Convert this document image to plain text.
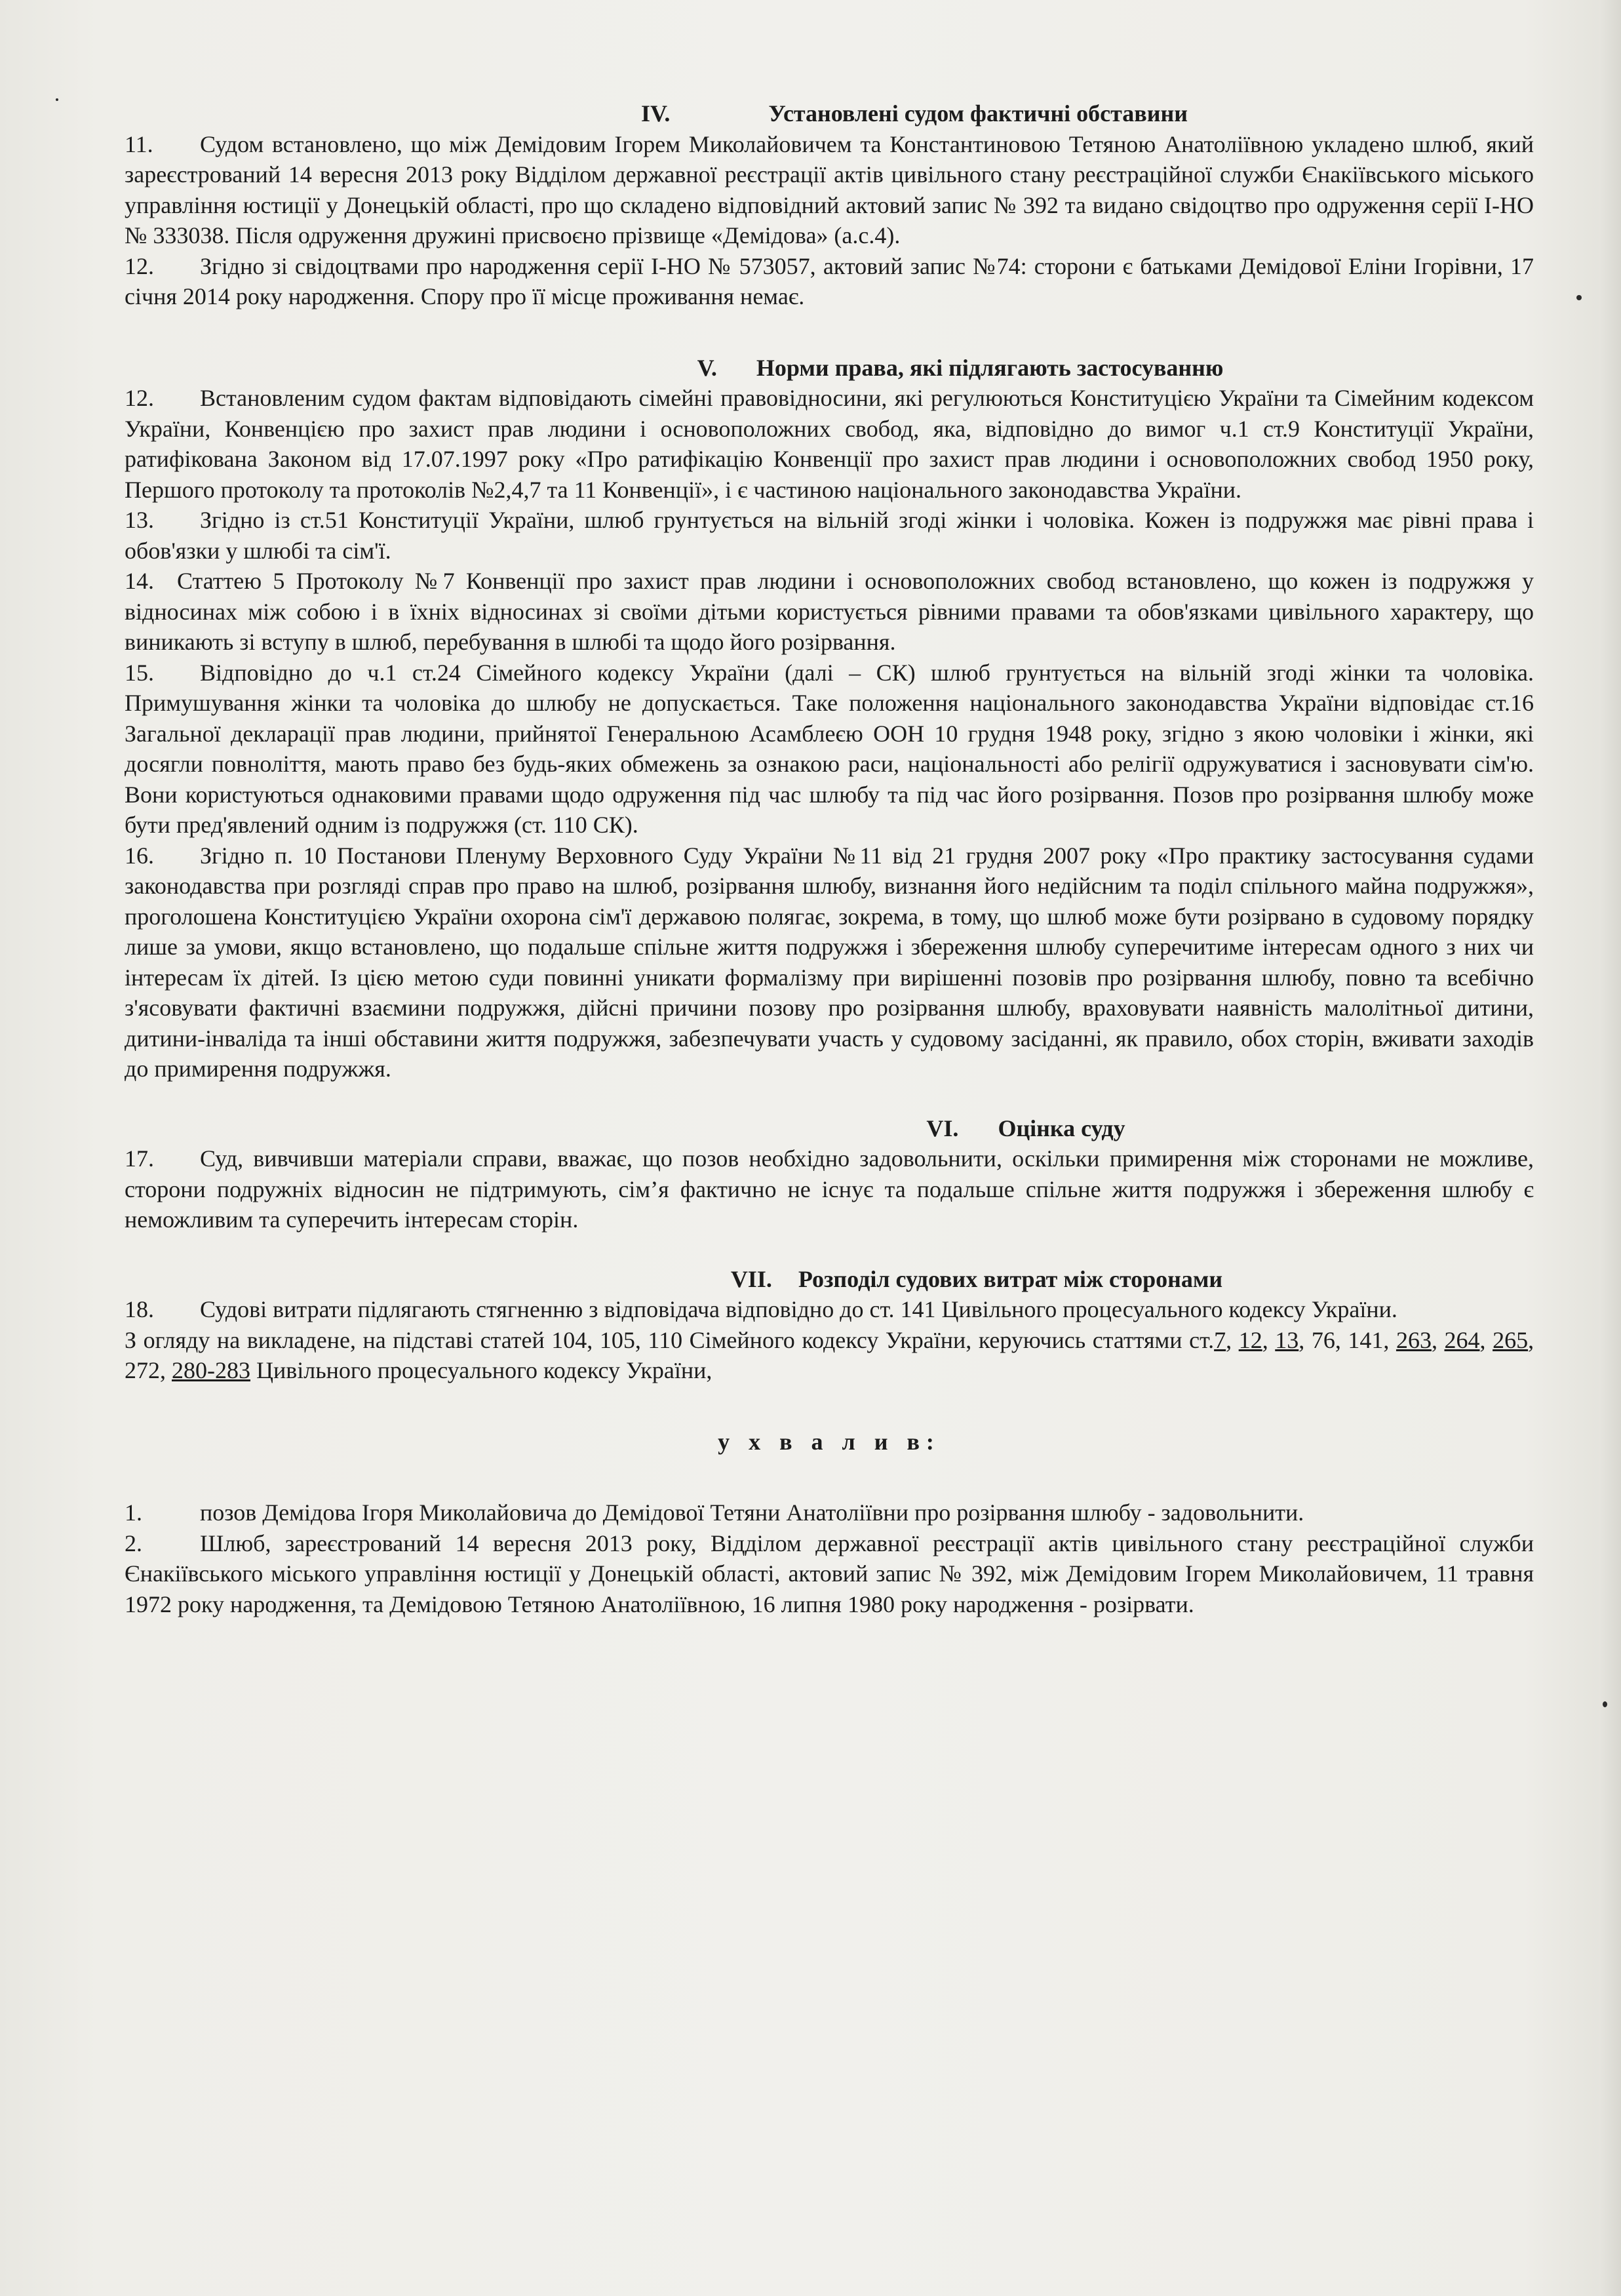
IV.	Установлені судом фактичні обставини

11. Судом встановлено, що між Демідовим Ігорем Миколайовичем та Константиновою Тетяною Анатоліївною укладено шлюб, який зареєстрований 14 вересня 2013 року Відділом державної реєстрації актів цивільного стану реєстраційної служби Єнакіївського міського управління юстиції у Донецькій області, про що складено відповідний актовий запис № 392 та видано свідоцтво про одруження серії І-НО № 333038. Після одруження дружині присвоєно прізвище «Демідова» (а.с.4).

12. Згідно зі свідоцтвами про народження серії І-НО № 573057, актовий запис №74: сторони є батьками Демідової Еліни Ігорівни, 17 січня 2014 року народження. Спору про її місце проживання немає.

V. Норми права, які підлягають застосуванню

12. Встановленим судом фактам відповідають сімейні правовідносини, які регулюються Конституцією України та Сімейним кодексом України, Конвенцією про захист прав людини і основоположних свобод, яка, відповідно до вимог ч.1 ст.9 Конституції України, ратифікована Законом від 17.07.1997 року «Про ратифікацію Конвенції про захист прав людини і основоположних свобод 1950 року, Першого протоколу та протоколів №2,4,7 та 11 Конвенції», і є частиною національного законодавства України.

13. Згідно із ст.51 Конституції України, шлюб грунтується на вільній згоді жінки і чоловіка. Кожен із подружжя має рівні права і обов'язки у шлюбі та сім'ї.

14. Статтею 5 Протоколу №7 Конвенції про захист прав людини і основоположних свобод встановлено, що кожен із подружжя у відносинах між собою і в їхніх відносинах зі своїми дітьми користується рівними правами та обов'язками цивільного характеру, що виникають зі вступу в шлюб, перебування в шлюбі та щодо його розірвання.

15. Відповідно до ч.1 ст.24 Сімейного кодексу України (далі – СК) шлюб грунтується на вільній згоді жінки та чоловіка. Примушування жінки та чоловіка до шлюбу не допускається. Таке положення національного законодавства України відповідає ст.16 Загальної декларації прав людини, прийнятої Генеральною Асамблеєю ООН 10 грудня 1948 року, згідно з якою чоловіки і жінки, які досягли повноліття, мають право без будь-яких обмежень за ознакою раси, національності або релігії одружуватися і засновувати сім'ю. Вони користуються однаковими правами щодо одруження під час шлюбу та під час його розірвання. Позов про розірвання шлюбу може бути пред'явлений одним із подружжя (ст. 110 СК).

16. Згідно п. 10 Постанови Пленуму Верховного Суду України №11 від 21 грудня 2007 року «Про практику застосування судами законодавства при розгляді справ про право на шлюб, розірвання шлюбу, визнання його недійсним та поділ спільного майна подружжя», проголошена Конституцією України охорона сім'ї державою полягає, зокрема, в тому, що шлюб може бути розірвано в судовому порядку лише за умови, якщо встановлено, що подальше спільне життя подружжя і збереження шлюбу суперечитиме інтересам одного з них чи інтересам їх дітей. Із цією метою суди повинні уникати формалізму при вирішенні позовів про розірвання шлюбу, повно та всебічно з'ясовувати фактичні взаємини подружжя, дійсні причини позову про розірвання шлюбу, враховувати наявність малолітньої дитини, дитини-інваліда та інші обставини життя подружжя, забезпечувати участь у судовому засіданні, як правило, обох сторін, вживати заходів до примирення подружжя.

VI. Оцінка суду

17. Суд, вивчивши матеріали справи, вважає, що позов необхідно задовольнити, оскільки примирення між сторонами не можливе, сторони подружніх відносин не підтримують, сім’я фактично не існує та подальше спільне життя подружжя і збереження шлюбу є неможливим та суперечить інтересам сторін.

VII. Розподіл судових витрат між сторонами

18. Судові витрати підлягають стягненню з відповідача відповідно до ст. 141 Цивільного процесуального кодексу України.

З огляду на викладене, на підставі статей 104, 105, 110 Сімейного кодексу України, керуючись статтями ст.7, 12, 13, 76, 141, 263, 264, 265, 272, 280-283 Цивільного процесуального кодексу України,

у х в а л и в:

1. позов Демідова Ігоря Миколайовича до Демідової Тетяни Анатоліївни про розірвання шлюбу - задовольнити.

2. Шлюб, зареєстрований 14 вересня 2013 року, Відділом державної реєстрації актів цивільного стану реєстраційної служби Єнакіївського міського управління юстиції у Донецькій області, актовий запис № 392, між Демідовим Ігорем Миколайовичем, 11 травня 1972 року народження, та Демідовою Тетяною Анатоліївною, 16 липня 1980 року народження - розірвати.
